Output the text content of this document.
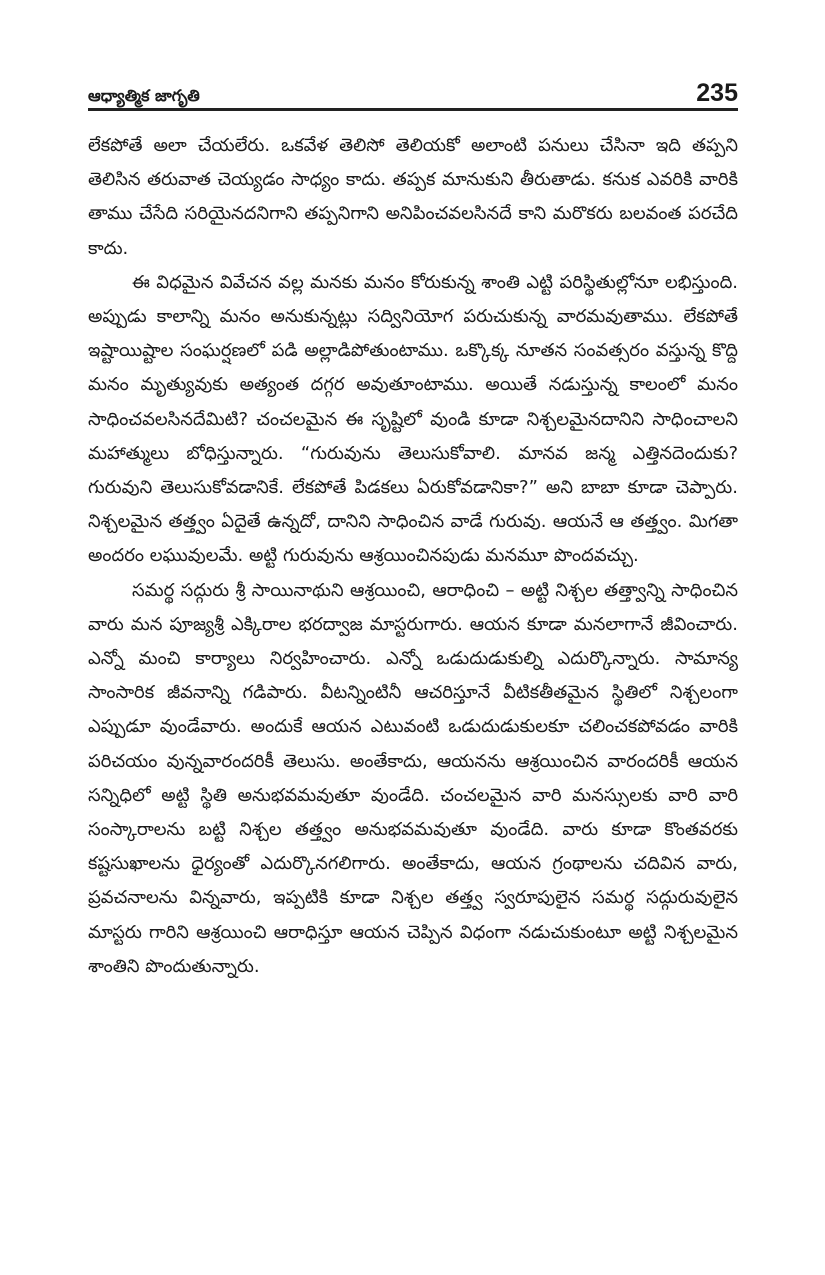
ఆధ్యాత్మిక జాగృతి	235

లేకపోతే అలా చేయలేరు. ఒకవేళ తెలిసో తెలియకో అలాంటి పనులు చేసినా ఇది తప్పని తెలిసిన తరువాత చెయ్యడం సాధ్యం కాదు. తప్పక మానుకుని తీరుతాడు. కనుక ఎవరికి వారికి తాము చేసేది సరియైనదనిగాని తప్పనిగాని అనిపించవలసినదే కాని మరొకరు బలవంత పరచేది కాదు.

ఈ విధమైన వివేచన వల్ల మనకు మనం కోరుకున్న శాంతి ఎట్టి పరిస్థితుల్లోనూ లభిస్తుంది. అప్పుడు కాలాన్ని మనం అనుకున్నట్లు సద్వినియోగ పరుచుకున్న వారమవుతాము. లేకపోతే ఇష్టాయిష్టాల సంఘర్షణలో పడి అల్లాడిపోతుంటాము. ఒక్కొక్క నూతన సంవత్సరం వస్తున్న కొద్ది మనం మృత్యువుకు అత్యంత దగ్గర అవుతూంటాము. అయితే నడుస్తున్న కాలంలో మనం సాధించవలసినదేమిటి? చంచలమైన ఈ సృష్టిలో వుండి కూడా నిశ్చలమైనదానిని సాధించాలని మహాత్ములు బోధిస్తున్నారు. “గురువును తెలుసుకోవాలి. మానవ జన్మ ఎత్తినదెందుకు? గురువుని తెలుసుకోవడానికే. లేకపోతే పిడకలు ఏరుకోవడానికా?” అని బాబా కూడా చెప్పారు. నిశ్చలమైన తత్త్వం ఏదైతే ఉన్నదో, దానిని సాధించిన వాడే గురువు. ఆయనే ఆ తత్త్వం. మిగతా అందరం లఘువులమే. అట్టి గురువును ఆశ్రయించినపుడు మనమూ పొందవచ్చు.

సమర్థ సద్గురు శ్రీ సాయినాథుని ఆశ్రయించి, ఆరాధించి – అట్టి నిశ్చల తత్త్వాన్ని సాధించిన వారు మన పూజ్యశ్రీ ఎక్కిరాల భరద్వాజ మాస్టరుగారు. ఆయన కూడా మనలాగానే జీవించారు. ఎన్నో మంచి కార్యాలు నిర్వహించారు. ఎన్నో ఒడుదుడుకుల్ని ఎదుర్కొన్నారు. సామాన్య సాంసారిక జీవనాన్ని గడిపారు. వీటన్నింటినీ ఆచరిస్తూనే వీటికతీతమైన స్థితిలో నిశ్చలంగా ఎప్పుడూ వుండేవారు. అందుకే ఆయన ఎటువంటి ఒడుదుడుకులకూ చలించకపోవడం వారికి పరిచయం వున్నవారందరికీ తెలుసు. అంతేకాదు, ఆయనను ఆశ్రయించిన వారందరికీ ఆయన సన్నిధిలో అట్టి స్థితి అనుభవమవుతూ వుండేది. చంచలమైన వారి మనస్సులకు వారి వారి సంస్కారాలను బట్టి నిశ్చల తత్త్వం అనుభవమవుతూ వుండేది. వారు కూడా కొంతవరకు కష్టసుఖాలను ధైర్యంతో ఎదుర్కొనగలిగారు. అంతేకాదు, ఆయన గ్రంథాలను చదివిన వారు, ప్రవచనాలను విన్నవారు, ఇప్పటికి కూడా నిశ్చల తత్త్వ స్వరూపులైన సమర్థ సద్గురువులైన మాస్టరు గారిని ఆశ్రయించి ఆరాధిస్తూ ఆయన చెప్పిన విధంగా నడుచుకుంటూ అట్టి నిశ్చలమైన శాంతిని పొందుతున్నారు.
